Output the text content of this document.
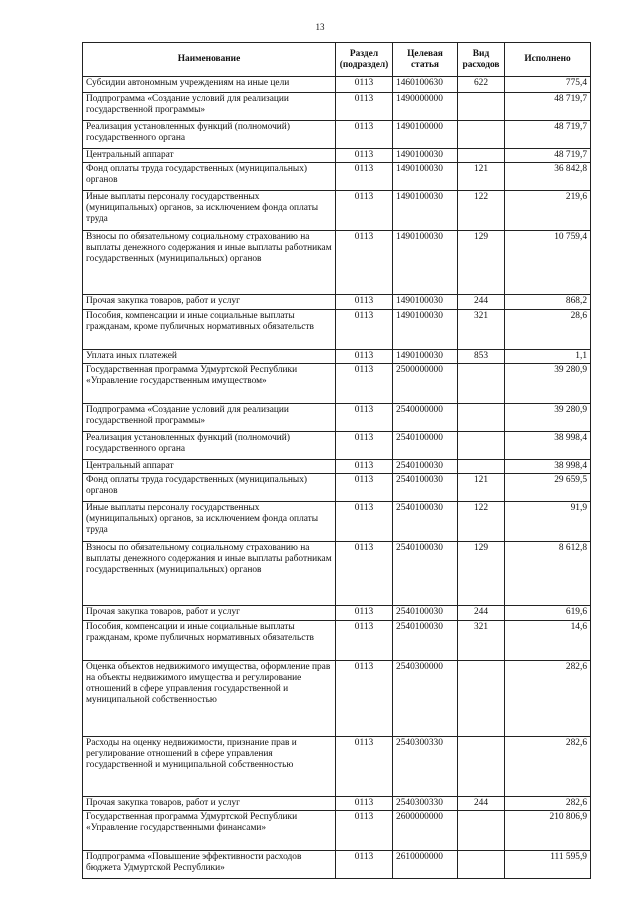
13
Наименование	Раздел (подраздел)	Целевая статья	Вид расходов	Исполнено
Субсидии автономным учреждениям на иные цели	0113	1460100630	622	775,4
Подпрограмма «Создание условий для реализации государственной программы»	0113	1490000000		48 719,7
Реализация установленных функций (полномочий) государственного органа	0113	1490100000		48 719,7
Центральный аппарат	0113	1490100030		48 719,7
Фонд оплаты труда государственных (муниципальных) органов	0113	1490100030	121	36 842,8
Иные выплаты персоналу государственных (муниципальных) органов, за исключением фонда оплаты труда	0113	1490100030	122	219,6
Взносы по обязательному социальному страхованию на выплаты денежного содержания и иные выплаты работникам государственных (муниципальных) органов	0113	1490100030	129	10 759,4
Прочая закупка товаров, работ и услуг	0113	1490100030	244	868,2
Пособия, компенсации и иные социальные выплаты гражданам, кроме публичных нормативных обязательств	0113	1490100030	321	28,6
Уплата иных платежей	0113	1490100030	853	1,1
Государственная программа Удмуртской Республики «Управление государственным имуществом»	0113	2500000000		39 280,9
Подпрограмма «Создание условий для реализации государственной программы»	0113	2540000000		39 280,9
Реализация установленных функций (полномочий) государственного органа	0113	2540100000		38 998,4
Центральный аппарат	0113	2540100030		38 998,4
Фонд оплаты труда государственных (муниципальных) органов	0113	2540100030	121	29 659,5
Иные выплаты персоналу государственных (муниципальных) органов, за исключением фонда оплаты труда	0113	2540100030	122	91,9
Взносы по обязательному социальному страхованию на выплаты денежного содержания и иные выплаты работникам государственных (муниципальных) органов	0113	2540100030	129	8 612,8
Прочая закупка товаров, работ и услуг	0113	2540100030	244	619,6
Пособия, компенсации и иные социальные выплаты гражданам, кроме публичных нормативных обязательств	0113	2540100030	321	14,6
Оценка объектов недвижимого имущества, оформление прав на объекты недвижимого имущества и регулирование отношений в сфере управления государственной и муниципальной собственностью	0113	2540300000		282,6
Расходы на оценку недвижимости, признание прав и регулирование отношений в сфере управления государственной и муниципальной собственностью	0113	2540300330		282,6
Прочая закупка товаров, работ и услуг	0113	2540300330	244	282,6
Государственная программа Удмуртской Республики «Управление государственными финансами»	0113	2600000000		210 806,9
Подпрограмма «Повышение эффективности расходов бюджета Удмуртской Республики»	0113	2610000000		111 595,9
